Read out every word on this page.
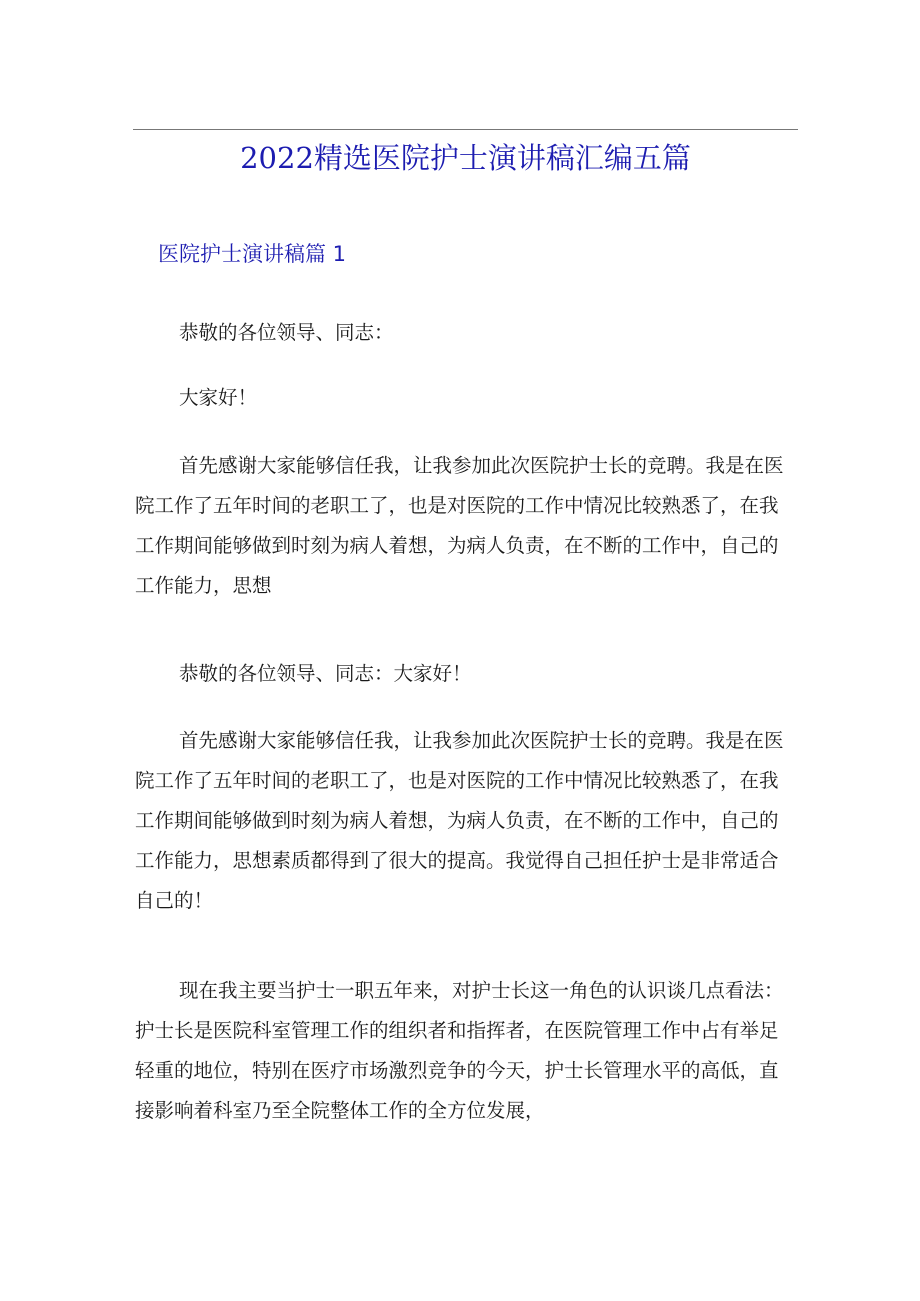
2022精选医院护士演讲稿汇编五篇
医院护士演讲稿篇 1

恭敬的各位领导、同志：

大家好！

首先感谢大家能够信任我，让我参加此次医院护士长的竞聘。我是在医院工作了五年时间的老职工了，也是对医院的工作中情况比较熟悉了，在我工作期间能够做到时刻为病人着想，为病人负责，在不断的工作中，自己的工作能力，思想

恭敬的各位领导、同志：大家好！

首先感谢大家能够信任我，让我参加此次医院护士长的竞聘。我是在医院工作了五年时间的老职工了，也是对医院的工作中情况比较熟悉了，在我工作期间能够做到时刻为病人着想，为病人负责，在不断的工作中，自己的工作能力，思想素质都得到了很大的提高。我觉得自己担任护士是非常适合自己的！

现在我主要当护士一职五年来，对护士长这一角色的认识谈几点看法：护士长是医院科室管理工作的组织者和指挥者，在医院管理工作中占有举足轻重的地位，特别在医疗市场激烈竞争的今天，护士长管理水平的高低，直接影响着科室乃至全院整体工作的全方位发展，
